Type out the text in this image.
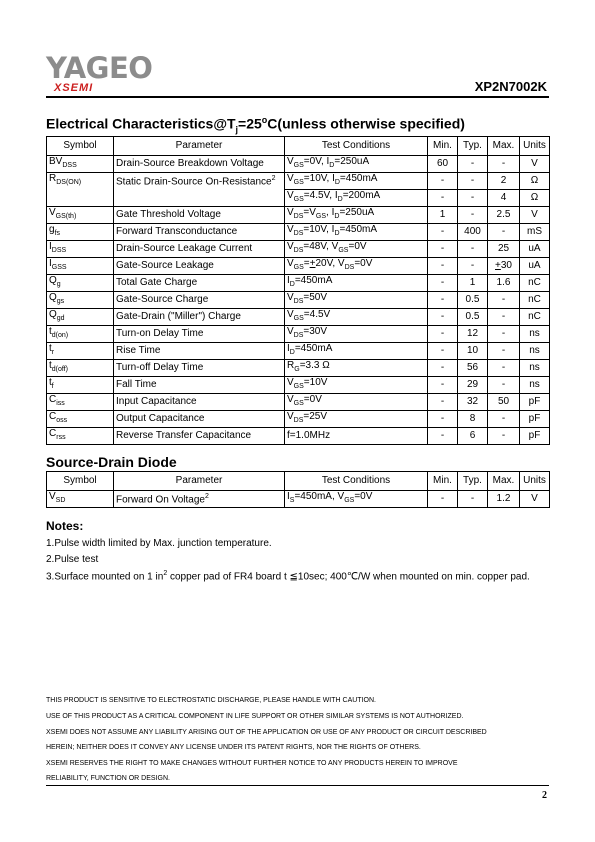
YAGEO
XSEMI	XP2N7002K
Electrical $Characteristics@T_j=25^oC(unless$ otherwise specified)
Symbol	Parameter	Test Conditions	Min.	Typ.	Max.	Units
$BV_{DSS}$	Drain-Source Breakdown Voltage	$V_{GS}=0V$, $I_D=250uA$	60	-	-	V
$R_{DS(ON)}$	Static Drain-Source On-Resistance$^2$	$V_{GS}=10V$, $I_D=450mA$	-	-	2	Ω
		$V_{GS}=4.5V$, $I_D=200mA$	-	-	4	Ω
$V_{GS(th)}$	Gate Threshold Voltage	$V_{DS}=V_{GS}$, $I_D=250uA$	1	-	2.5	V
$g_{fs}$	Forward Transconductance	$V_{DS}=10V$, $I_D=450mA$	-	400	-	mS
$I_{DSS}$	Drain-Source Leakage Current	$V_{DS}=48V$, $V_{GS}=0V$	-	-	25	uA
$I_{GSS}$	Gate-Source Leakage	$V_{GS}=+20V$, $V_{DS}=0V$	-	-	+30	uA
$Q_g$	Total Gate Charge	$I_D=450mA$	-	1	1.6	nC
$Q_{gs}$	Gate-Source Charge	$V_{DS}=50V$	-	0.5	-	nC
$Q_{gd}$	Gate-Drain ("Miller") Charge	$V_{GS}=4.5V$	-	0.5	-	nC
$t_{d(on)}$	Turn-on Delay Time	$V_{DS}=30V$	-	12	-	ns
$t_r$	Rise Time	$I_D=450mA$	-	10	-	ns
$t_{d(off)}$	Turn-off Delay Time	$R_G=3.3$ Ω	-	56	-	ns
$t_f$	Fall Time	$V_{GS}=10V$	-	29	-	ns
$C_{iss}$	Input Capacitance	$V_{GS}=0V$	-	32	50	pF
$C_{oss}$	Output Capacitance	$V_{DS}=25V$	-	8	-	pF
$C_{rss}$	Reverse Transfer Capacitance	f=1.0MHz	-	6	-	pF
Source-Drain Diode
Symbol	Parameter	Test Conditions	Min.	Typ.	Max.	Units
$V_{SD}$	Forward On Voltage$^2$	$I_S=450mA$, $V_{GS}=0V$	-	-	1.2	V
Notes:
1.Pulse width limited by Max. junction temperature.
2.Pulse test
3.Surface mounted on 1 $in^2$ copper pad of FR4 board t ≦10sec; 400℃/W when mounted on min. copper pad.
THIS PRODUCT IS SENSITIVE TO ELECTROSTATIC DISCHARGE, PLEASE HANDLE WITH CAUTION.
USE OF THIS PRODUCT AS A CRITICAL COMPONENT IN LIFE SUPPORT OR OTHER SIMILAR SYSTEMS IS NOT AUTHORIZED.
XSEMI DOES NOT ASSUME ANY LIABILITY ARISING OUT OF THE APPLICATION OR USE OF ANY PRODUCT OR CIRCUIT DESCRIBED
HEREIN; NEITHER DOES IT CONVEY ANY LICENSE UNDER ITS PATENT RIGHTS, NOR THE RIGHTS OF OTHERS.
XSEMI RESERVES THE RIGHT TO MAKE CHANGES WITHOUT FURTHER NOTICE TO ANY PRODUCTS HEREIN TO IMPROVE
RELIABILITY, FUNCTION OR DESIGN.
2
